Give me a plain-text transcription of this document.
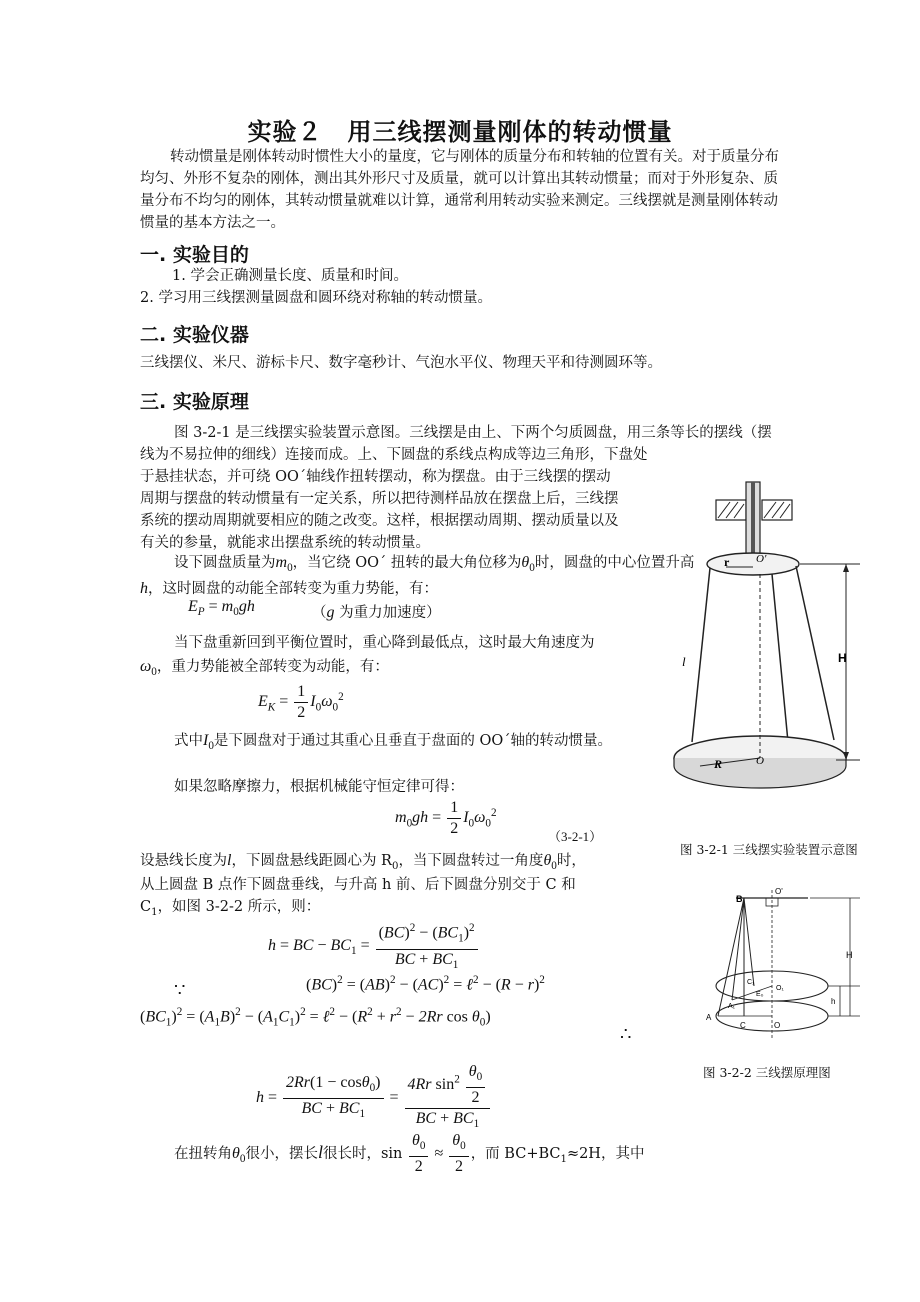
实验２　用三线摆测量刚体的转动惯量

转动惯量是刚体转动时惯性大小的量度，它与刚体的质量分布和转轴的位置有关。对于质量分布均匀、外形不复杂的刚体，测出其外形尺寸及质量，就可以计算出其转动惯量；而对于外形复杂、质量分布不均匀的刚体，其转动惯量就难以计算，通常利用转动实验来测定。三线摆就是测量刚体转动惯量的基本方法之一。

一. 实验目的

1. 学会正确测量长度、质量和时间。

2. 学习用三线摆测量圆盘和圆环绕对称轴的转动惯量。

二. 实验仪器

三线摆仪、米尺、游标卡尺、数字毫秒计、气泡水平仪、物理天平和待测圆环等。

三. 实验原理

图 3-2-1 是三线摆实验装置示意图。三线摆是由上、下两个匀质圆盘，用三条等长的摆线（摆线为不易拉伸的细线）连接而成。上、下圆盘的系线点构成等边三角形，下盘处

于悬挂状态，并可绕 OO´轴线作扭转摆动，称为摆盘。由于三线摆的摆动周期与摆盘的转动惯量有一定关系，所以把待测样品放在摆盘上后，三线摆系统的摆动周期就要相应的随之改变。这样，根据摆动周期、摆动质量以及有关的参量，就能求出摆盘系统的转动惯量。

设下圆盘质量为$m_0$，当它绕 OO´ 扭转的最大角位移为$\theta_0$时，圆盘的中心位置升高
h，这时圆盘的动能全部转变为重力势能，有：
$E_P = m_0gh$	（g 为重力加速度）
当下盘重新回到平衡位置时，重心降到最低点，这时最大角速度为
$\omega_0$，重力势能被全部转变为动能，有：
$E_K = \frac{1}{2} I_0\omega_0^2$
式中$I_0$是下圆盘对于通过其重心且垂直于盘面的 OO´轴的转动惯量。
如果忽略摩擦力，根据机械能守恒定律可得：
$m_0gh = \frac{1}{2} I_0\omega_0^2$
（3-2-1）
设悬线长度为l，下圆盘悬线距圆心为 $R_0$，当下圆盘转过一角度$\theta_0$时，
从上圆盘 B 点作下圆盘垂线，与升高 h 前、后下圆盘分别交于 C 和
$C_1$，如图 3-2-2 所示，则：
h = BC − $BC_1 = \frac{(BC)^2 - (BC_1)^2}{BC + BC_1}$
∵	(BC)$^2$ = (AB)$^2$ − (AC)$^2$ = ℓ$^2$ − $(R - r)^2$
$(BC_1)^2 = (A_1B)^2 - (A_1C_1)^2$ = ℓ$^2$ − ($R^2 + r^2 - 2Rr$ $\cos \theta_0$)
∴
$h = \frac{2Rr(1 - \cos\theta_0)}{BC + BC_1} = \frac{4Rr \sin^2 \frac{\theta_0}{2}}{BC + BC_1}$
在扭转角$\theta_0$很小，摆长l很长时，$\sin \frac{\theta_0}{2} \approx \frac{\theta_0}{2}$ ，而 $BC+BC_1\approx 2H$，其中
O'
r
R	O
l	H
图 3-2-1 三线摆实验装置示意图
B
O'
C₁
E₀
O₁
A₁
A
C	O
H
h
图 3-2-2 三线摆原理图
